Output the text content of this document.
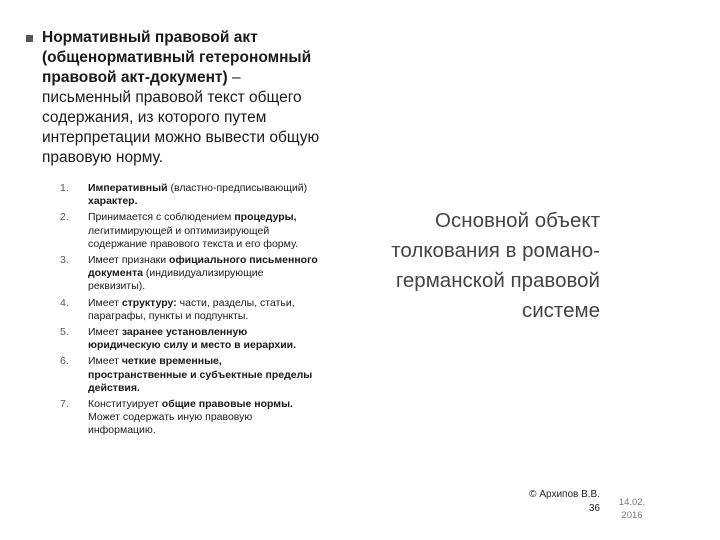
Нормативный правовой акт (общенормативный гетерономный правовой акт-документ) – письменный правовой текст общего содержания, из которого путем интерпретации можно вывести общую правовую норму.
1. Императивный (властно-предписывающий) характер.
2. Принимается с соблюдением процедуры, легитимирующей и оптимизирующей содержание правового текста и его форму.
3. Имеет признаки официального письменного документа (индивидуализирующие реквизиты).
4. Имеет структуру: части, разделы, статьи, параграфы, пункты и подпункты.
5. Имеет заранее установленную юридическую силу и место в иерархии.
6. Имеет четкие временные, пространственные и субъектные пределы действия.
7. Конституирует общие правовые нормы. Может содержать иную правовую информацию.
Основной объект толкования в романо-германской правовой системе
© Архипов В.В.
36
14.02.
2016
